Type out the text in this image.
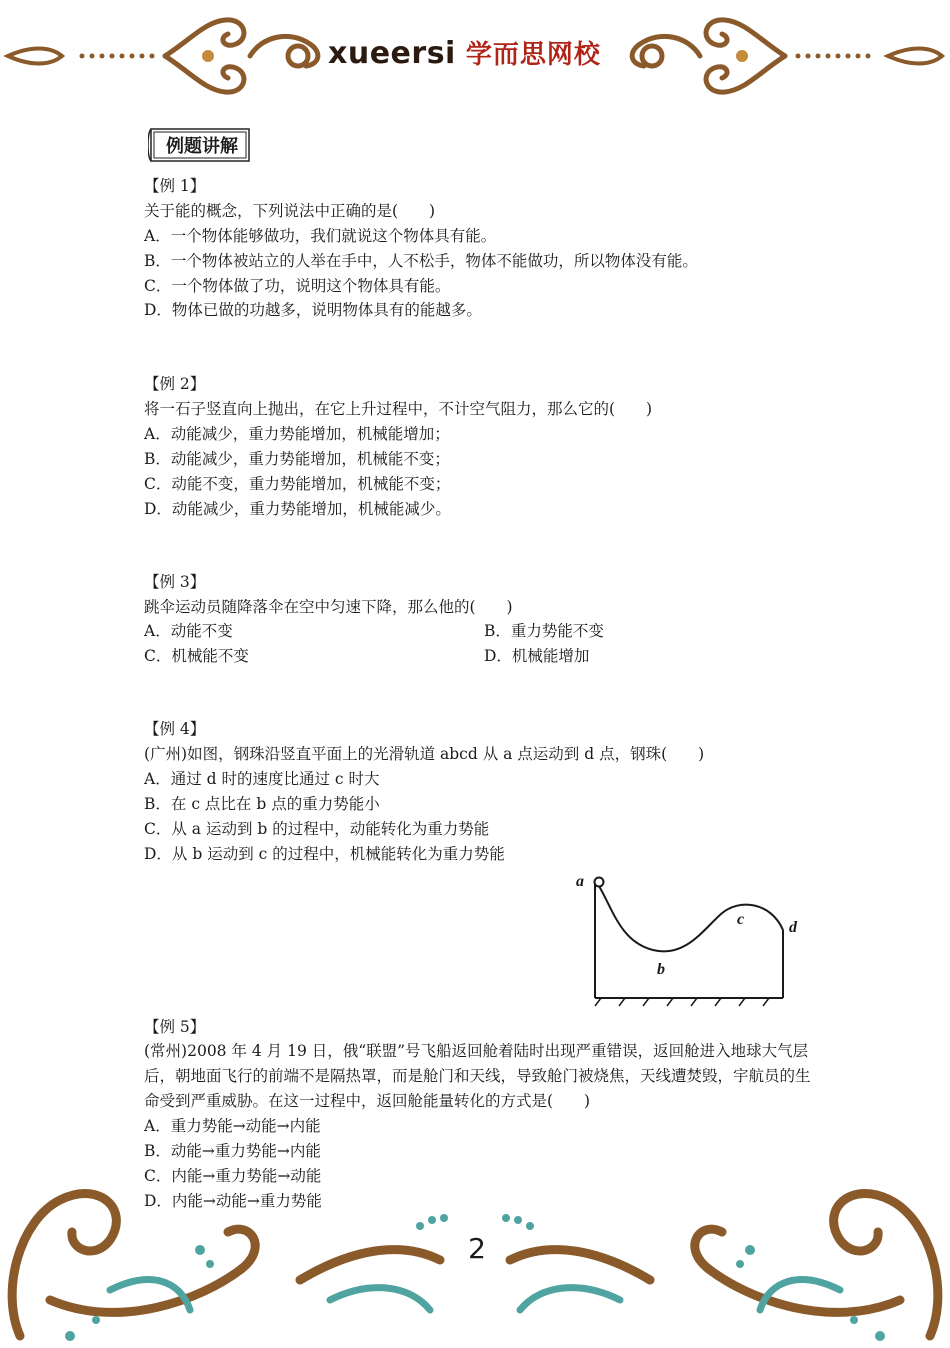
xueersi 学而思网校
例题讲解
【例 1】
关于能的概念，下列说法中正确的是(　　)
A．一个物体能够做功，我们就说这个物体具有能。
B．一个物体被站立的人举在手中，人不松手，物体不能做功，所以物体没有能。
C．一个物体做了功，说明这个物体具有能。
D．物体已做的功越多，说明物体具有的能越多。
【例 2】
将一石子竖直向上抛出，在它上升过程中，不计空气阻力，那么它的(　　)
A．动能减少，重力势能增加，机械能增加；
B．动能减少，重力势能增加，机械能不变；
C．动能不变，重力势能增加，机械能不变；
D．动能减少，重力势能增加，机械能减少。
【例 3】
跳伞运动员随降落伞在空中匀速下降，那么他的(　　)
A．动能不变	B．重力势能不变
C．机械能不变	D．机械能增加
【例 4】
(广州)如图，钢珠沿竖直平面上的光滑轨道 abcd 从 a 点运动到 d 点，钢珠(　　)
A．通过 d 时的速度比通过 c 时大
B．在 c 点比在 b 点的重力势能小
C．从 a 运动到 b 的过程中，动能转化为重力势能
D．从 b 运动到 c 的过程中，机械能转化为重力势能
【例 5】
(常州)2008 年 4 月 19 日，俄“联盟”号飞船返回舱着陆时出现严重错误，返回舱进入地球大气层后，朝地面飞行的前端不是隔热罩，而是舱门和天线，导致舱门被烧焦，天线遭焚毁，宇航员的生命受到严重威胁。在这一过程中，返回舱能量转化的方式是(　　)
A．重力势能→动能→内能
B．动能→重力势能→内能
C．内能→重力势能→动能
D．内能→动能→重力势能
a
b
c	d
2
